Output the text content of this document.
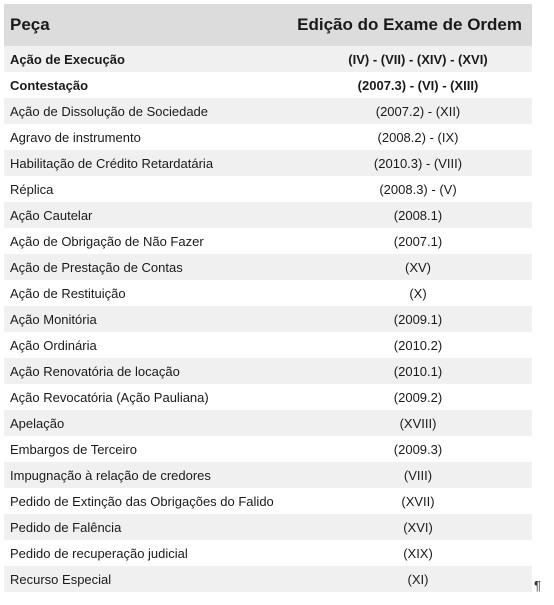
Peça	Edição do Exame de Ordem
Ação de Execução	(IV) - (VII) - (XIV) - (XVI)
Contestação	(2007.3) - (VI) - (XIII)
Ação de Dissolução de Sociedade	(2007.2) - (XII)
Agravo de instrumento	(2008.2) - (IX)
Habilitação de Crédito Retardatária	(2010.3) - (VIII)
Réplica	(2008.3) - (V)
Ação Cautelar	(2008.1)
Ação de Obrigação de Não Fazer	(2007.1)
Ação de Prestação de Contas	(XV)
Ação de Restituição	(X)
Ação Monitória	(2009.1)
Ação Ordinária	(2010.2)
Ação Renovatória de locação	(2010.1)
Ação Revocatória (Ação Pauliana)	(2009.2)
Apelação	(XVIII)
Embargos de Terceiro	(2009.3)
Impugnação à relação de credores	(VIII)
Pedido de Extinção das Obrigações do Falido	(XVII)
Pedido de Falência	(XVI)
Pedido de recuperação judicial	(XIX)
Recurso Especial	(XI)	¶
